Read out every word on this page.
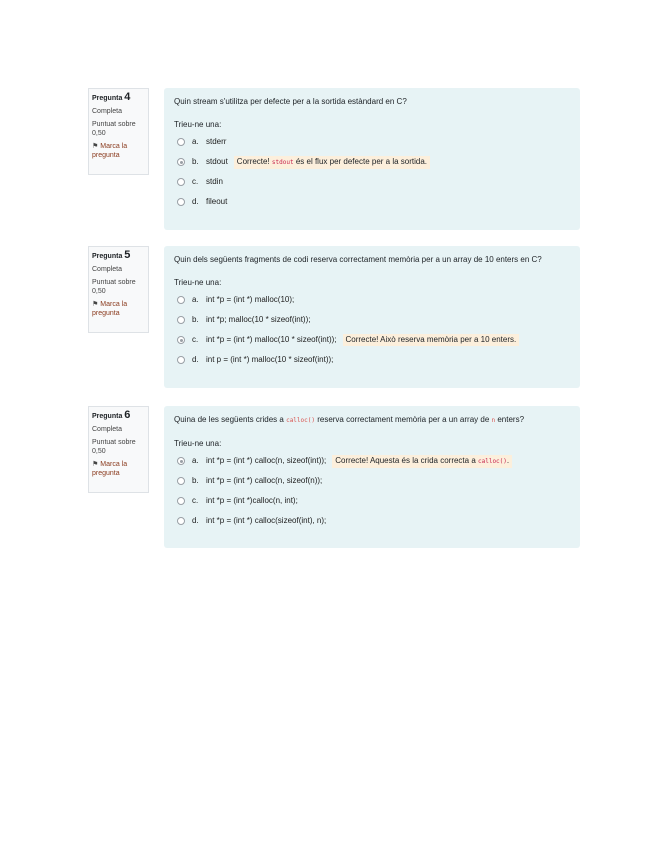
Pregunta 4
Completa
Puntuat sobre
0,50
⚑ Marca la pregunta
Quin stream s'utilitza per defecte per a la sortida estàndard en C?
Trieu-ne una:
a. stderr
b. stdout	Correcte! stdout és el flux per defecte per a la sortida.
c. stdin
d. fileout
Pregunta 5
Completa
Puntuat sobre
0,50
⚑ Marca la pregunta
Quin dels següents fragments de codi reserva correctament memòria per a un array de 10 enters en C?
Trieu-ne una:
a. int *p = (int *) malloc(10);
b. int *p; malloc(10 * sizeof(int));
c. int *p = (int *) malloc(10 * sizeof(int));	Correcte! Això reserva memòria per a 10 enters.
d. int p = (int *) malloc(10 * sizeof(int));
Pregunta 6
Completa
Puntuat sobre
0,50
⚑ Marca la pregunta
Quina de les següents crides a calloc() reserva correctament memòria per a un array de n enters?
Trieu-ne una:
a. int *p = (int *) calloc(n, sizeof(int));	Correcte! Aquesta és la crida correcta a calloc().
b. int *p = (int *) calloc(n, sizeof(n));
c. int *p = (int *)calloc(n, int);
d. int *p = (int *) calloc(sizeof(int), n);
